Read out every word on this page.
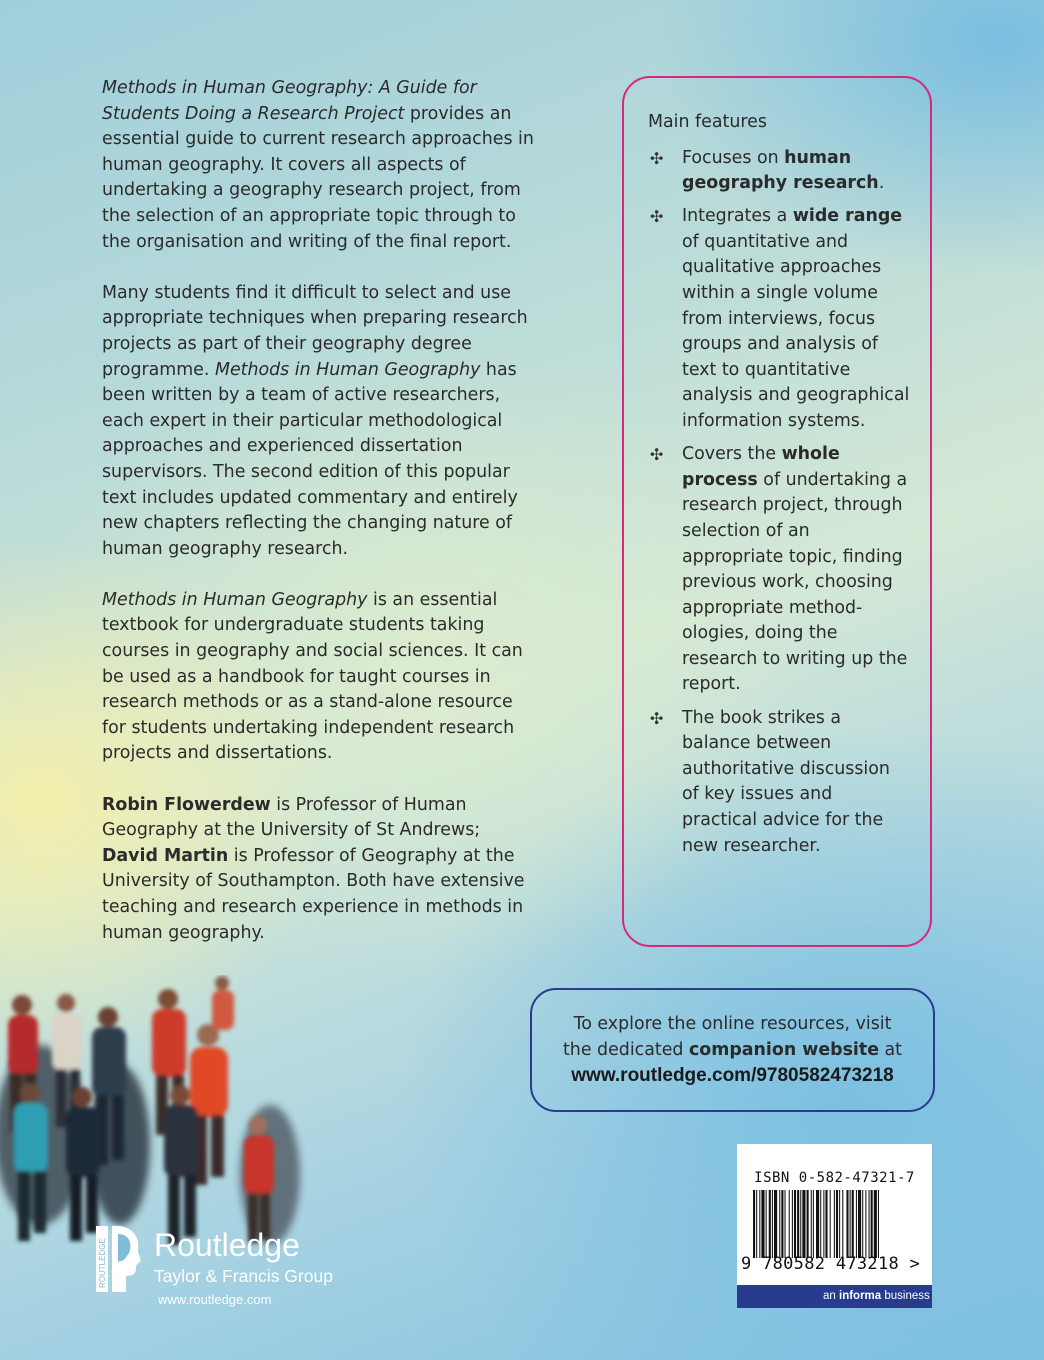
Methods in Human Geography: A Guide for Students Doing a Research Project provides an essential guide to current research approaches in human geography. It covers all aspects of undertaking a geography research project, from the selection of an appropriate topic through to the organisation and writing of the final report.

Many students find it difficult to select and use appropriate techniques when preparing research projects as part of their geography degree programme. Methods in Human Geography has been written by a team of active researchers, each expert in their particular methodological approaches and experienced dissertation supervisors. The second edition of this popular text includes updated commentary and entirely new chapters reflecting the changing nature of human geography research.

Methods in Human Geography is an essential textbook for undergraduate students taking courses in geography and social sciences. It can be used as a handbook for taught courses in research methods or as a stand-alone resource for students undertaking independent research projects and dissertations.

Robin Flowerdew is Professor of Human Geography at the University of St Andrews;
David Martin is Professor of Geography at the University of Southampton. Both have extensive teaching and research experience in methods in human geography.

Main features
✣ Focuses on human geography research.
✣ Integrates a wide range of quantitative and qualitative approaches within a single volume from interviews, focus groups and analysis of text to quantitative analysis and geographical information systems.
✣ Covers the whole process of undertaking a research project, through selection of an appropriate topic, finding previous work, choosing appropriate method-ologies, doing the research to writing up the report.
✣ The book strikes a balance between authoritative discussion of key issues and practical advice for the new researcher.
To explore the online resources, visit
the dedicated companion website at
www.routledge.com/9780582473218
ROUTLEDGE Routledge
Taylor & Francis Group
www.routledge.com
ISBN 0-582-47321-7
9 780582 473218 >
an informa business
